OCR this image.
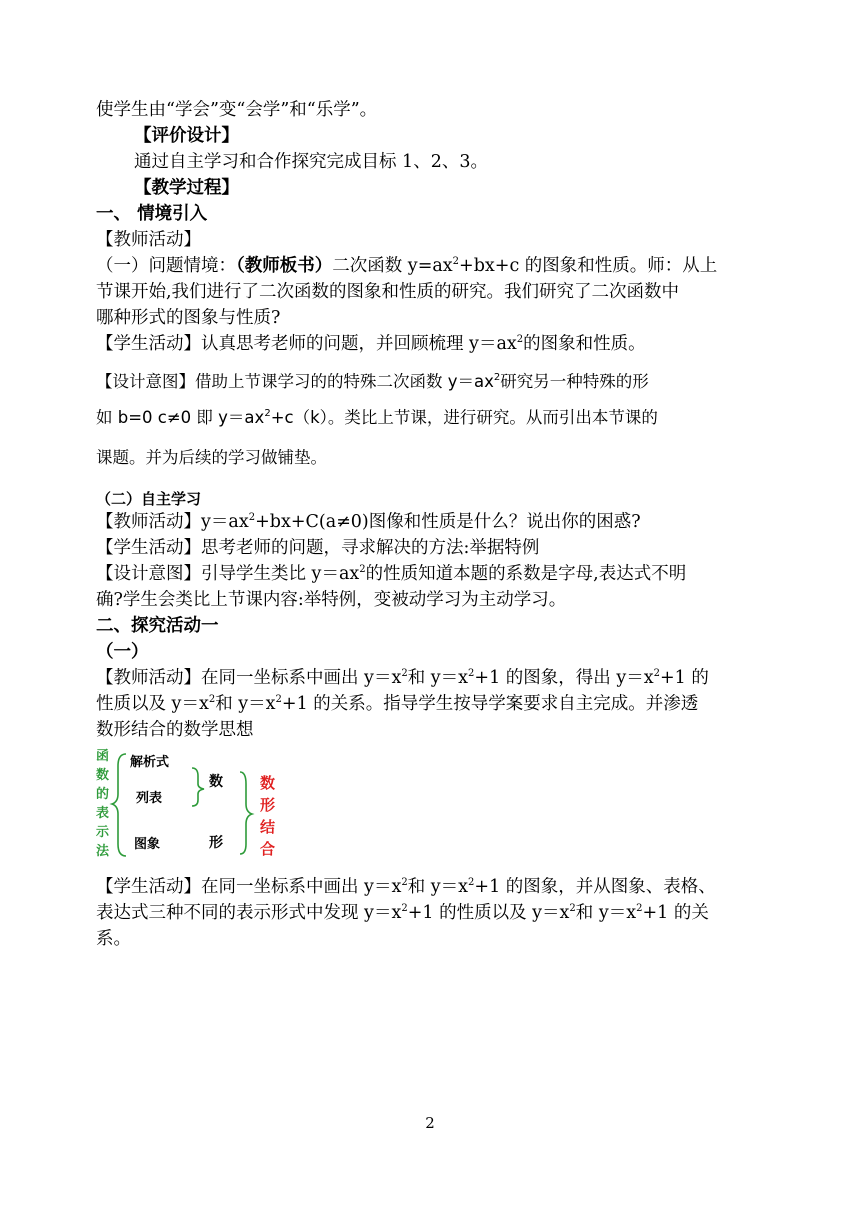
使学生由“学会”变“会学”和“乐学”。
【评价设计】
通过自主学习和合作探究完成目标 1、2、3。
【教学过程】
一、 情境引入
【教师活动】
（一）问题情境：（教师板书）二次函数 $y=ax^2+bx+c$ 的图象和性质。师：从上
节课开始,我们进行了二次函数的图象和性质的研究。我们研究了二次函数中
哪种形式的图象与性质?
【学生活动】认真思考老师的问题，并回顾梳理 $y=ax^2$的图象和性质。
【设计意图】借助上节课学习的的特殊二次函数 $y=ax^2$研究另一种特殊的形
如 b=0 c≠0 即 $y=ax^2+c(k)$。类比上节课，进行研究。从而引出本节课的
课题。并为后续的学习做铺垫。
（二）自主学习
【教师活动】$y=ax^2+bx+C(a\ne 0)$图像和性质是什么？说出你的困惑?
【学生活动】思考老师的问题，寻求解决的方法:举据特例
【设计意图】引导学生类比 $y=ax^2$的性质知道本题的系数是字母,表达式不明
确?学生会类比上节课内容:举特例，变被动学习为主动学习。
二、探究活动一
（一）
【教师活动】在同一坐标系中画出 $y=x^2$和 $y=x^2+1$ 的图象，得出 $y=x^2+1$ 的
性质以及 $y=x^2$和 $y=x^2+1$ 的关系。指导学生按导学案要求自主完成。并渗透
数形结合的数学思想
函
数
的
表
示
法
解析式
列表
图象
数
形
数
形
结
合
【学生活动】在同一坐标系中画出 $y=x^2$和 $y=x^2+1$ 的图象，并从图象、表格、
表达式三种不同的表示形式中发现 $y=x^2+1$ 的性质以及 $y=x^2$和 $y=x^2+1$ 的关
系。
2
